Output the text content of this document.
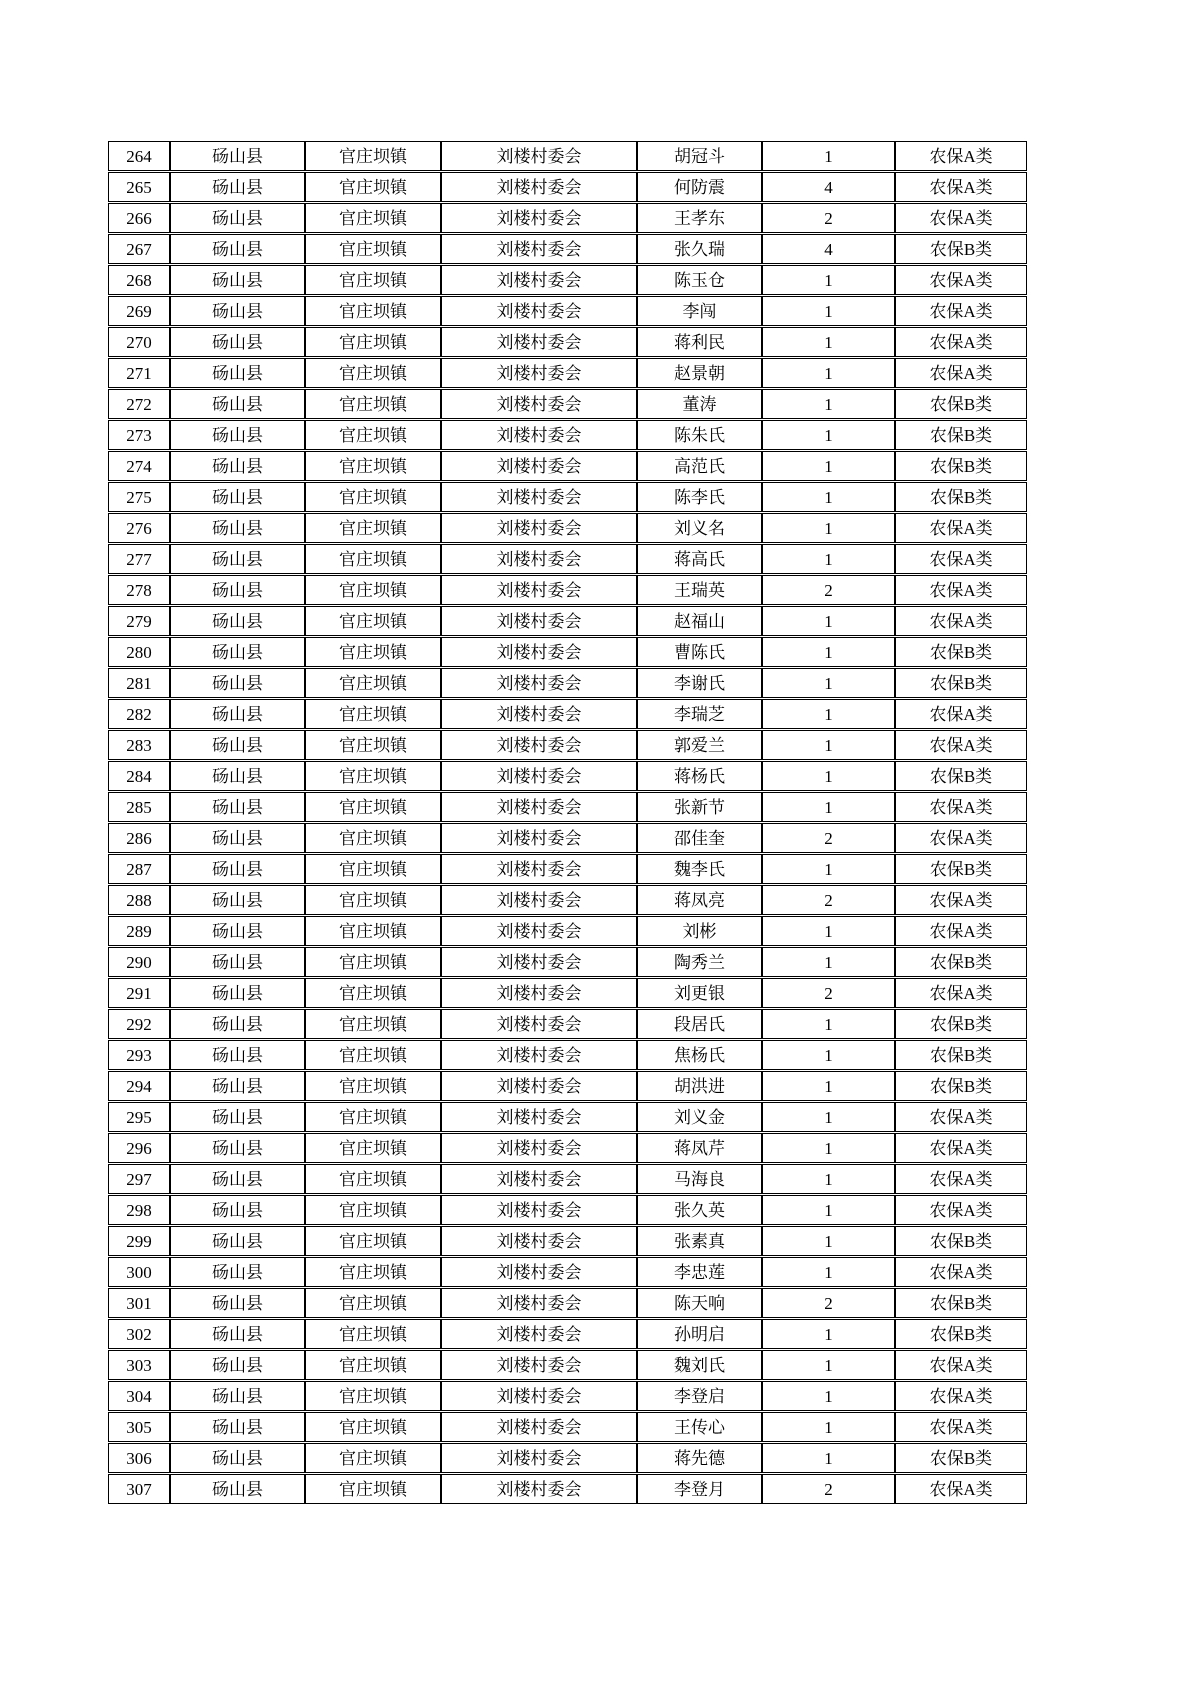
264	砀山县	官庄坝镇	刘楼村委会	胡冠斗	1	农保A类
265	砀山县	官庄坝镇	刘楼村委会	何防震	4	农保A类
266	砀山县	官庄坝镇	刘楼村委会	王孝东	2	农保A类
267	砀山县	官庄坝镇	刘楼村委会	张久瑞	4	农保B类
268	砀山县	官庄坝镇	刘楼村委会	陈玉仓	1	农保A类
269	砀山县	官庄坝镇	刘楼村委会	李闯	1	农保A类
270	砀山县	官庄坝镇	刘楼村委会	蒋利民	1	农保A类
271	砀山县	官庄坝镇	刘楼村委会	赵景朝	1	农保A类
272	砀山县	官庄坝镇	刘楼村委会	董涛	1	农保B类
273	砀山县	官庄坝镇	刘楼村委会	陈朱氏	1	农保B类
274	砀山县	官庄坝镇	刘楼村委会	高范氏	1	农保B类
275	砀山县	官庄坝镇	刘楼村委会	陈李氏	1	农保B类
276	砀山县	官庄坝镇	刘楼村委会	刘义名	1	农保A类
277	砀山县	官庄坝镇	刘楼村委会	蒋高氏	1	农保A类
278	砀山县	官庄坝镇	刘楼村委会	王瑞英	2	农保A类
279	砀山县	官庄坝镇	刘楼村委会	赵福山	1	农保A类
280	砀山县	官庄坝镇	刘楼村委会	曹陈氏	1	农保B类
281	砀山县	官庄坝镇	刘楼村委会	李谢氏	1	农保B类
282	砀山县	官庄坝镇	刘楼村委会	李瑞芝	1	农保A类
283	砀山县	官庄坝镇	刘楼村委会	郭爱兰	1	农保A类
284	砀山县	官庄坝镇	刘楼村委会	蒋杨氏	1	农保B类
285	砀山县	官庄坝镇	刘楼村委会	张新节	1	农保A类
286	砀山县	官庄坝镇	刘楼村委会	邵佳奎	2	农保A类
287	砀山县	官庄坝镇	刘楼村委会	魏李氏	1	农保B类
288	砀山县	官庄坝镇	刘楼村委会	蒋凤亮	2	农保A类
289	砀山县	官庄坝镇	刘楼村委会	刘彬	1	农保A类
290	砀山县	官庄坝镇	刘楼村委会	陶秀兰	1	农保B类
291	砀山县	官庄坝镇	刘楼村委会	刘更银	2	农保A类
292	砀山县	官庄坝镇	刘楼村委会	段居氏	1	农保B类
293	砀山县	官庄坝镇	刘楼村委会	焦杨氏	1	农保B类
294	砀山县	官庄坝镇	刘楼村委会	胡洪进	1	农保B类
295	砀山县	官庄坝镇	刘楼村委会	刘义金	1	农保A类
296	砀山县	官庄坝镇	刘楼村委会	蒋凤芹	1	农保A类
297	砀山县	官庄坝镇	刘楼村委会	马海良	1	农保A类
298	砀山县	官庄坝镇	刘楼村委会	张久英	1	农保A类
299	砀山县	官庄坝镇	刘楼村委会	张素真	1	农保B类
300	砀山县	官庄坝镇	刘楼村委会	李忠莲	1	农保A类
301	砀山县	官庄坝镇	刘楼村委会	陈天响	2	农保B类
302	砀山县	官庄坝镇	刘楼村委会	孙明启	1	农保B类
303	砀山县	官庄坝镇	刘楼村委会	魏刘氏	1	农保A类
304	砀山县	官庄坝镇	刘楼村委会	李登启	1	农保A类
305	砀山县	官庄坝镇	刘楼村委会	王传心	1	农保A类
306	砀山县	官庄坝镇	刘楼村委会	蒋先德	1	农保B类
307	砀山县	官庄坝镇	刘楼村委会	李登月	2	农保A类
